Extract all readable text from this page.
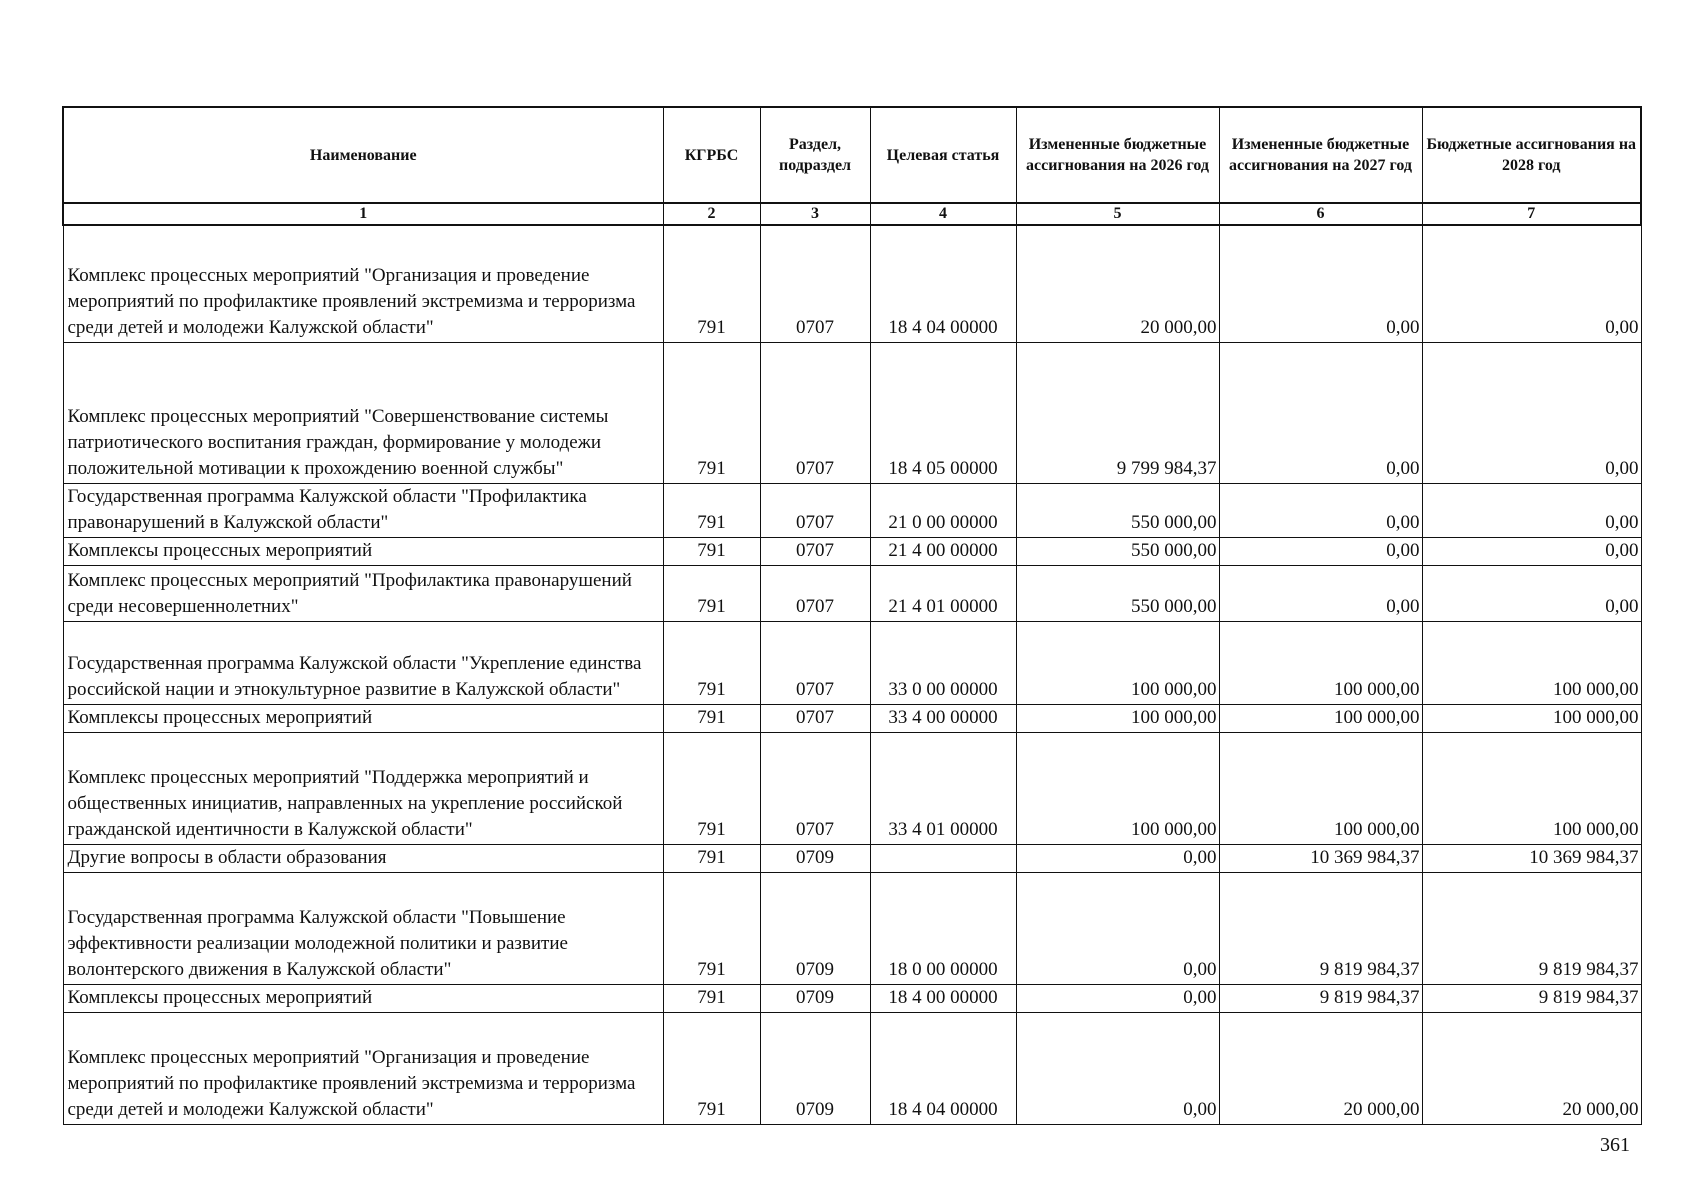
Наименование	КГРБС	Раздел, подраздел	Целевая статья	Измененные бюджетные ассигнования на 2026 год	Измененные бюджетные ассигнования на 2027 год	Бюджетные ассигнования на 2028 год
1	2	3	4	5	6	7
Комплекс процессных мероприятий "Организация и проведение мероприятий по профилактике проявлений экстремизма и терроризма среди детей и молодежи Калужской области"	791	0707	18 4 04 00000	20 000,00	0,00	0,00
Комплекс процессных мероприятий "Совершенствование системы патриотического воспитания граждан, формирование у молодежи положительной мотивации к прохождению военной службы"	791	0707	18 4 05 00000	9 799 984,37	0,00	0,00
Государственная программа Калужской области "Профилактика правонарушений в Калужской области"	791	0707	21 0 00 00000	550 000,00	0,00	0,00
Комплексы процессных мероприятий	791	0707	21 4 00 00000	550 000,00	0,00	0,00
Комплекс процессных мероприятий "Профилактика правонарушений среди несовершеннолетних"	791	0707	21 4 01 00000	550 000,00	0,00	0,00
Государственная программа Калужской области "Укрепление единства российской нации и этнокультурное развитие в Калужской области"	791	0707	33 0 00 00000	100 000,00	100 000,00	100 000,00
Комплексы процессных мероприятий	791	0707	33 4 00 00000	100 000,00	100 000,00	100 000,00
Комплекс процессных мероприятий "Поддержка мероприятий и общественных инициатив, направленных на укрепление российской гражданской идентичности в Калужской области"	791	0707	33 4 01 00000	100 000,00	100 000,00	100 000,00
Другие вопросы в области образования	791	0709		0,00	10 369 984,37	10 369 984,37
Государственная программа Калужской области "Повышение эффективности реализации молодежной политики и развитие волонтерского движения в Калужской области"	791	0709	18 0 00 00000	0,00	9 819 984,37	9 819 984,37
Комплексы процессных мероприятий	791	0709	18 4 00 00000	0,00	9 819 984,37	9 819 984,37
Комплекс процессных мероприятий "Организация и проведение мероприятий по профилактике проявлений экстремизма и терроризма среди детей и молодежи Калужской области"	791	0709	18 4 04 00000	0,00	20 000,00	20 000,00
361
